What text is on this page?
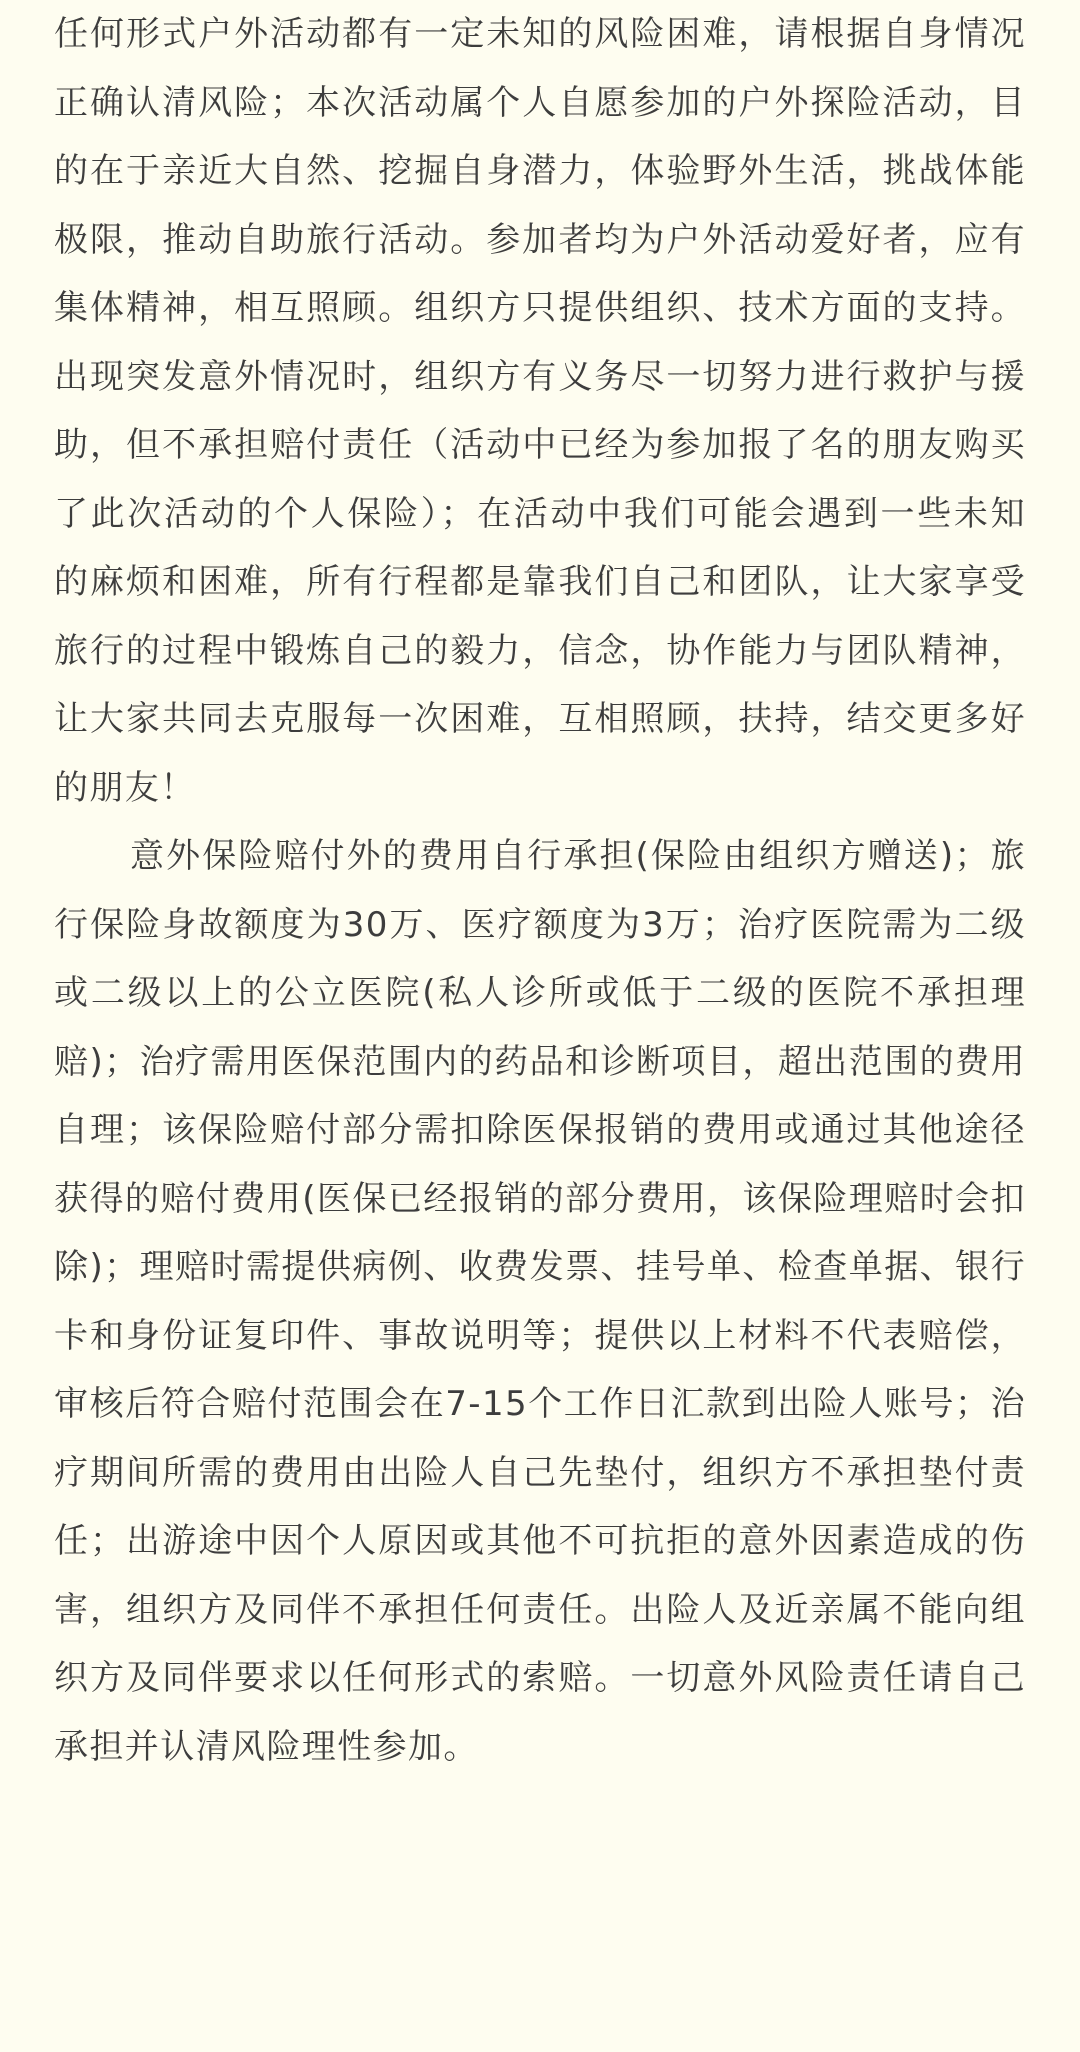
任何形式户外活动都有一定未知的风险困难，请根据自身情况正确认清风险；本次活动属个人自愿参加的户外探险活动，目的在于亲近大自然、挖掘自身潜力，体验野外生活，挑战体能极限，推动自助旅行活动。参加者均为户外活动爱好者，应有集体精神，相互照顾。组织方只提供组织、技术方面的支持。出现突发意外情况时，组织方有义务尽一切努力进行救护与援助，但不承担赔付责任（活动中已经为参加报了名的朋友购买了此次活动的个人保险）；在活动中我们可能会遇到一些未知的麻烦和困难，所有行程都是靠我们自己和团队，让大家享受旅行的过程中锻炼自己的毅力，信念，协作能力与团队精神，让大家共同去克服每一次困难，互相照顾，扶持，结交更多好的朋友！

意外保险赔付外的费用自行承担(保险由组织方赠送)；旅行保险身故额度为30万、医疗额度为3万；治疗医院需为二级或二级以上的公立医院(私人诊所或低于二级的医院不承担理赔)；治疗需用医保范围内的药品和诊断项目，超出范围的费用自理；该保险赔付部分需扣除医保报销的费用或通过其他途径获得的赔付费用(医保已经报销的部分费用，该保险理赔时会扣除)；理赔时需提供病例、收费发票、挂号单、检查单据、银行卡和身份证复印件、事故说明等；提供以上材料不代表赔偿，审核后符合赔付范围会在7-15个工作日汇款到出险人账号；治疗期间所需的费用由出险人自己先垫付，组织方不承担垫付责任；出游途中因个人原因或其他不可抗拒的意外因素造成的伤害，组织方及同伴不承担任何责任。出险人及近亲属不能向组织方及同伴要求以任何形式的索赔。一切意外风险责任请自己承担并认清风险理性参加。
